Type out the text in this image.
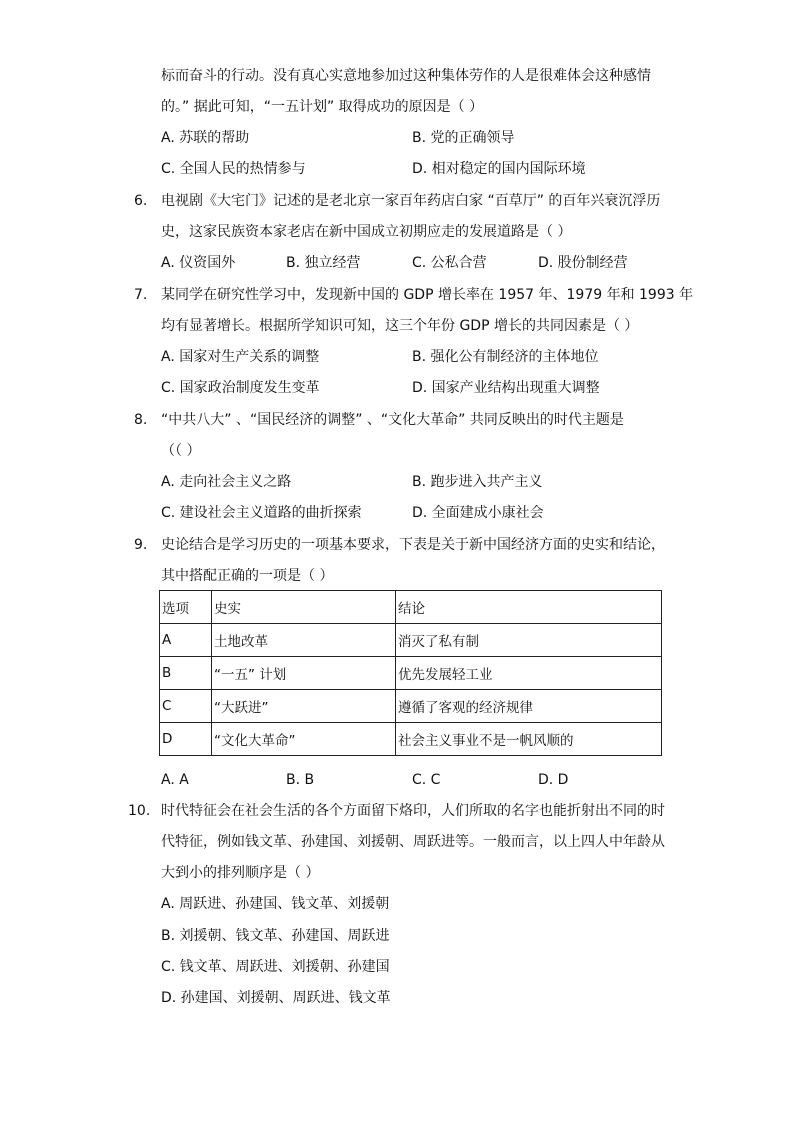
标而奋斗的行动。没有真心实意地参加过这种集体劳作的人是很难体会这种感情
的。” 据此可知，“一五计划” 取得成功的原因是（ ）
A. 苏联的帮助	B. 党的正确领导
C. 全国人民的热情参与	D. 相对稳定的国内国际环境
6. 电视剧《大宅门》记述的是老北京一家百年药店白家 “百草厅” 的百年兴衰沉浮历
史，这家民族资本家老店在新中国成立初期应走的发展道路是（ ）
A. 仪资国外	B. 独立经营	C. 公私合营	D. 股份制经营
7. 某同学在研究性学习中，发现新中国的 GDP 增长率在 1957 年、1979 年和 1993 年
均有显著增长。根据所学知识可知，这三个年份 GDP 增长的共同因素是（ ）
A. 国家对生产关系的调整	B. 强化公有制经济的主体地位
C. 国家政治制度发生变革	D. 国家产业结构出现重大调整
8. “中共八大” 、“国民经济的调整” 、“文化大革命” 共同反映出的时代主题是
（（ ）
A. 走向社会主义之路	B. 跑步进入共产主义
C. 建设社会主义道路的曲折探索	D. 全面建成小康社会
9. 史论结合是学习历史的一项基本要求，下表是关于新中国经济方面的史实和结论，
其中搭配正确的一项是（ ）
选项	史实	结论
A	土地改革	消灭了私有制
B	“一五” 计划	优先发展轻工业
C	“大跃进”	遵循了客观的经济规律
D	“文化大革命”	社会主义事业不是一帆风顺的
A. A	B. B	C. C	D. D
10. 时代特征会在社会生活的各个方面留下烙印，人们所取的名字也能折射出不同的时
代特征，例如钱文革、孙建国、刘援朝、周跃进等。一般而言，以上四人中年龄从
大到小的排列顺序是（ ）
A. 周跃进、孙建国、钱文革、刘援朝
B. 刘援朝、钱文革、孙建国、周跃进
C. 钱文革、周跃进、刘援朝、孙建国
D. 孙建国、刘援朝、周跃进、钱文革
